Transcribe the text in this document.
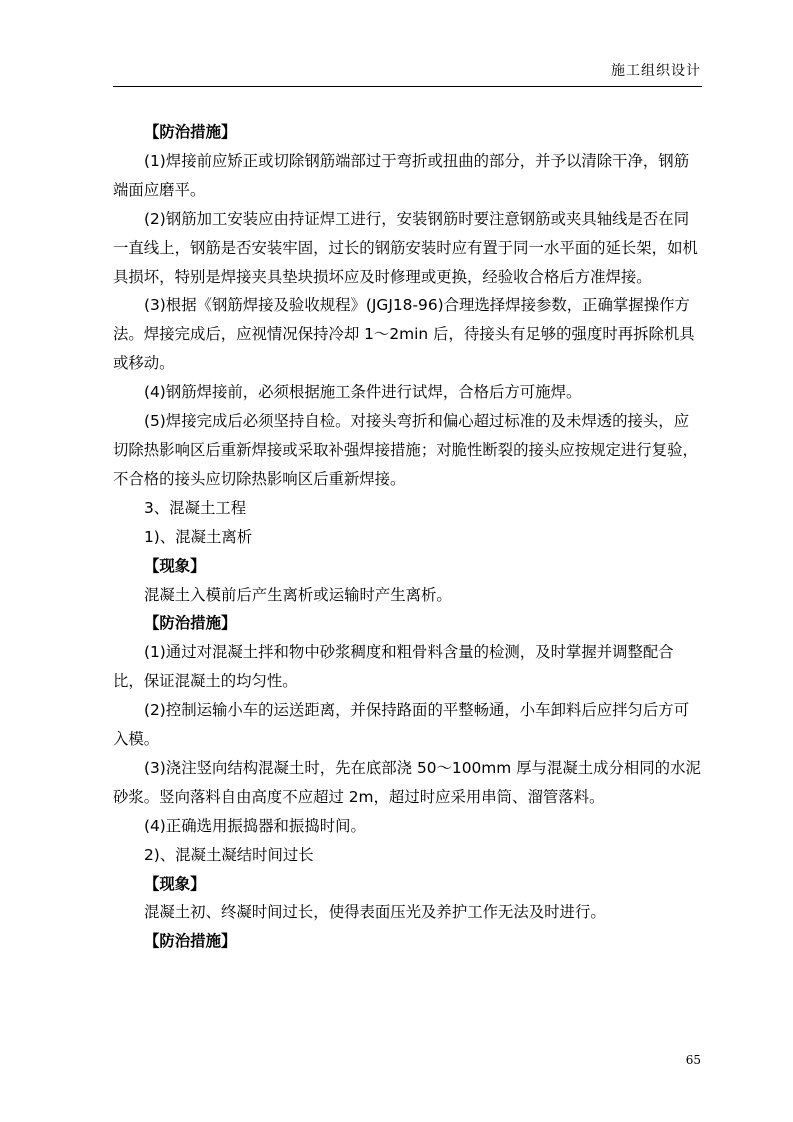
施工组织设计

【防治措施】

(1)焊接前应矫正或切除钢筋端部过于弯折或扭曲的部分，并予以清除干净，钢筋端面应磨平。

(2)钢筋加工安装应由持证焊工进行，安装钢筋时要注意钢筋或夹具轴线是否在同一直线上，钢筋是否安装牢固，过长的钢筋安装时应有置于同一水平面的延长架，如机具损坏，特别是焊接夹具垫块损坏应及时修理或更换，经验收合格后方准焊接。

(3)根据《钢筋焊接及验收规程》(JGJ18-96)合理选择焊接参数，正确掌握操作方法。焊接完成后，应视情况保持冷却 1～2min 后，待接头有足够的强度时再拆除机具或移动。

(4)钢筋焊接前，必须根据施工条件进行试焊，合格后方可施焊。

(5)焊接完成后必须坚持自检。对接头弯折和偏心超过标准的及未焊透的接头，应切除热影响区后重新焊接或采取补强焊接措施；对脆性断裂的接头应按规定进行复验，不合格的接头应切除热影响区后重新焊接。

3、混凝土工程

1)、混凝土离析

【现象】

混凝土入模前后产生离析或运输时产生离析。

【防治措施】

(1)通过对混凝土拌和物中砂浆稠度和粗骨料含量的检测，及时掌握并调整配合比，保证混凝土的均匀性。

(2)控制运输小车的运送距离，并保持路面的平整畅通，小车卸料后应拌匀后方可入模。

(3)浇注竖向结构混凝土时，先在底部浇 50～100mm 厚与混凝土成分相同的水泥砂浆。竖向落料自由高度不应超过 2m，超过时应采用串筒、溜管落料。

(4)正确选用振捣器和振捣时间。

2)、混凝土凝结时间过长

【现象】

混凝土初、终凝时间过长，使得表面压光及养护工作无法及时进行。

【防治措施】

65
